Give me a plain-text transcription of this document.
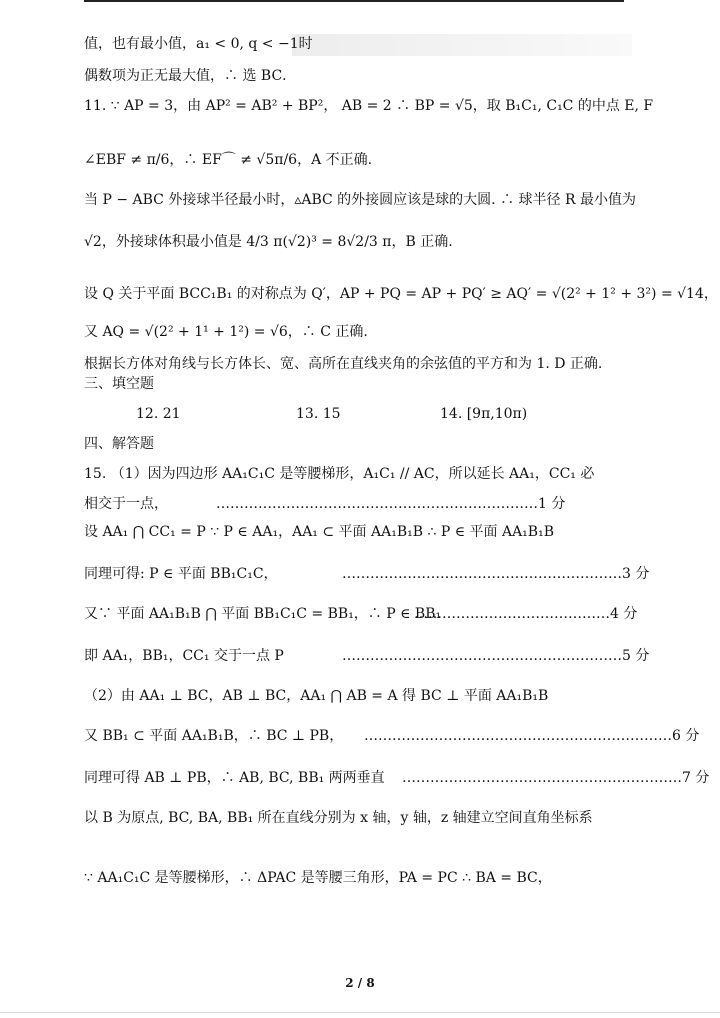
值，也有最小值，a₁ < 0, q < −1时
偶数项为正无最大值，∴ 选 BC．
11. ∵ AP = 3，由 AP² = AB² + BP²， AB = 2 ∴ BP = √5，取 B₁C₁, C₁C 的中点 E, F
∠EBF ≠ π/6，∴ EF⌒ ≠ √5π/6，A 不正确.
当 P − ABC 外接球半径最小时，▵ABC 的外接圆应该是球的大圆. ∴ 球半径 R 最小值为
√2，外接球体积最小值是 4/3 π(√2)³ = 8√2/3 π，B 正确.
设 Q 关于平面 BCC₁B₁ 的对称点为 Q′，AP + PQ = AP + PQ′ ≥ AQ′ = √(2² + 1² + 3²) = √14，
又 AQ = √(2² + 1¹ + 1²) = √6，∴ C 正确.
根据长方体对角线与长方体长、宽、高所在直线夹角的余弦值的平方和为 1. D 正确.
三、填空题
12. 21	13. 15	14. [9π,10π)
四、解答题
15. （1）因为四边形 AA₁C₁C 是等腰梯形，A₁C₁ // AC，所以延长 AA₁，CC₁ 必
相交于一点，	……………………………………………………………1 分
设 AA₁ ⋂ CC₁ = P ∵ P ∈ AA₁，AA₁ ⊂ 平面 AA₁B₁B ∴ P ∈ 平面 AA₁B₁B
同理可得: P ∈ 平面 BB₁C₁C，	……………………………………………………3 分
又∵ 平面 AA₁B₁B ⋂ 平面 BB₁C₁C = BB₁，∴ P ∈ BB₁
……………………………………4 分
即 AA₁，BB₁，CC₁ 交于一点 P	……………………………………………………5 分
（2）由 AA₁ ⊥ BC，AB ⊥ BC，AA₁ ⋂ AB = A 得 BC ⊥ 平面 AA₁B₁B
又 BB₁ ⊂ 平面 AA₁B₁B，∴ BC ⊥ PB， …………………………………………………………6 分
同理可得 AB ⊥ PB，∴ AB, BC, BB₁ 两两垂直 ……………………………………………………7 分
以 B 为原点, BC, BA, BB₁ 所在直线分别为 x 轴，y 轴，z 轴建立空间直角坐标系
∵ AA₁C₁C 是等腰梯形，∴ ΔPAC 是等腰三角形，PA = PC ∴ BA = BC，
2 / 8
